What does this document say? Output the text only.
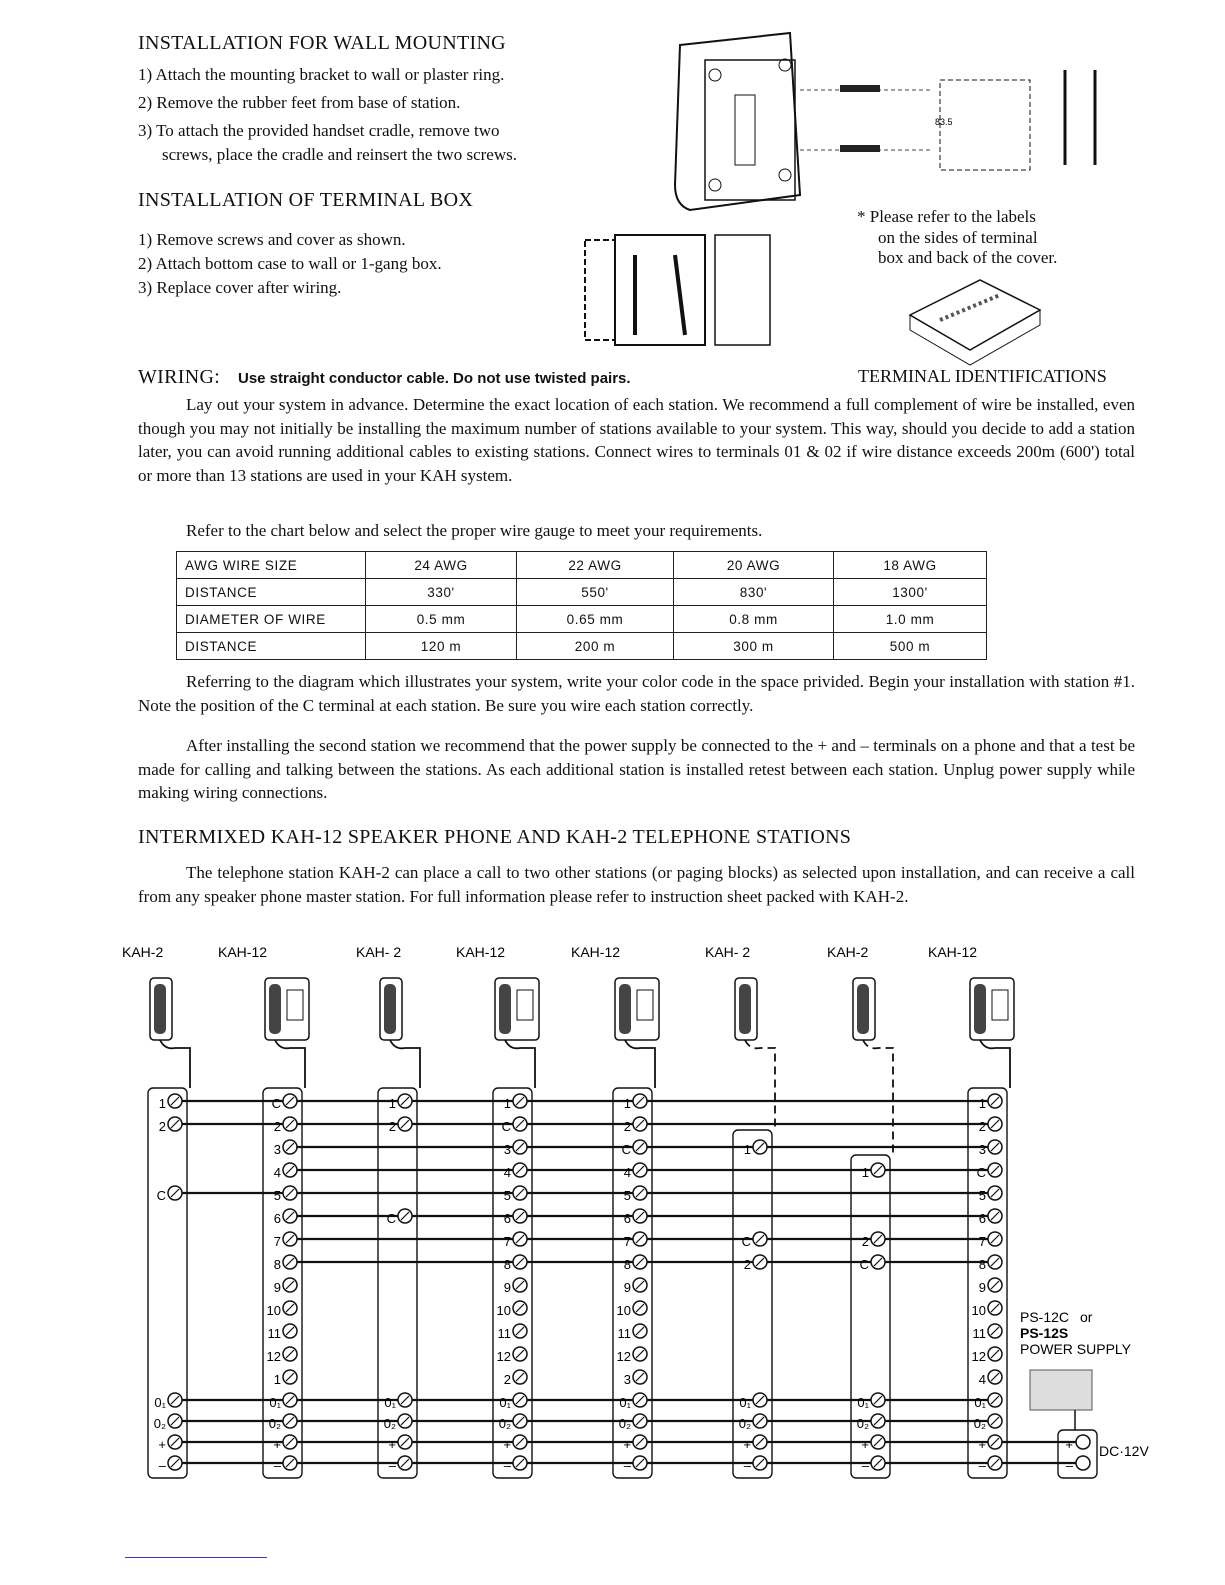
INSTALLATION FOR WALL MOUNTING
1) Attach the mounting bracket to wall or plaster ring.
2) Remove the rubber feet from base of station.
3) To attach the provided handset cradle, remove two
screws, place the cradle and reinsert the two screws.
83.5
INSTALLATION OF TERMINAL BOX
1) Remove screws and cover as shown.
2) Attach bottom case to wall or 1-gang box.
3) Replace cover after wiring.
* Please refer to the labels
on the sides of terminal
box and back of the cover.
TERMINAL IDENTIFICATIONS
WIRING: Use straight conductor cable. Do not use twisted pairs.
Lay out your system in advance. Determine the exact location of each station. We recommend a full complement of wire be installed, even though you may not initially be installing the maximum number of stations available to your system. This way, should you decide to add a station later, you can avoid running additional cables to existing stations. Connect wires to terminals 01 & 02 if wire distance exceeds 200m (600') total or more than 13 stations are used in your KAH system.
Refer to the chart below and select the proper wire gauge to meet your requirements.
AWG WIRE SIZE	24 AWG	22 AWG	20 AWG	18 AWG
DISTANCE	330'	550'	830'	1300'
DIAMETER OF WIRE	0.5 mm	0.65 mm	0.8 mm	1.0 mm
DISTANCE	120 m	200 m	300 m	500 m
Referring to the diagram which illustrates your system, write your color code in the space privided. Begin your installation with station #1. Note the position of the C terminal at each station. Be sure you wire each station correctly.
After installing the second station we recommend that the power supply be connected to the + and – terminals on a phone and that a test be made for calling and talking between the stations. As each additional station is installed retest between each station. Unplug power supply while making wiring connections.
INTERMIXED KAH-12 SPEAKER PHONE AND KAH-2 TELEPHONE STATIONS
The telephone station KAH-2 can place a call to two other stations (or paging blocks) as selected upon installation, and can receive a call from any speaker phone master station. For full information please refer to instruction sheet packed with KAH-2.
KAH-2
1
2
C
0₁
0₂
+
–
KAH-12
C
2
3
4
5
6
7
8
9
10
11
12
1
0₁
0₂
+
–
KAH- 2
1
2
C
0₁
0₂
+
–
KAH-12
1
C
3
4
5
6
7
8
9
10
11
12
2
0₁
0₂
+
–
KAH-12
1
2
C
4
5
6
7
8
9
10
11
12
3
0₁
0₂
+
–
KAH- 2
1
C
2
0₁
0₂
+
–
KAH-2
1
2
C
0₁
0₂
+
–
KAH-12
1
2
3
C
5
6
7
8
9
10
11
12
4
0₁
0₂
+
–
PS-12C or
PS-12S
POWER SUPPLY
+
–
DC·12V
